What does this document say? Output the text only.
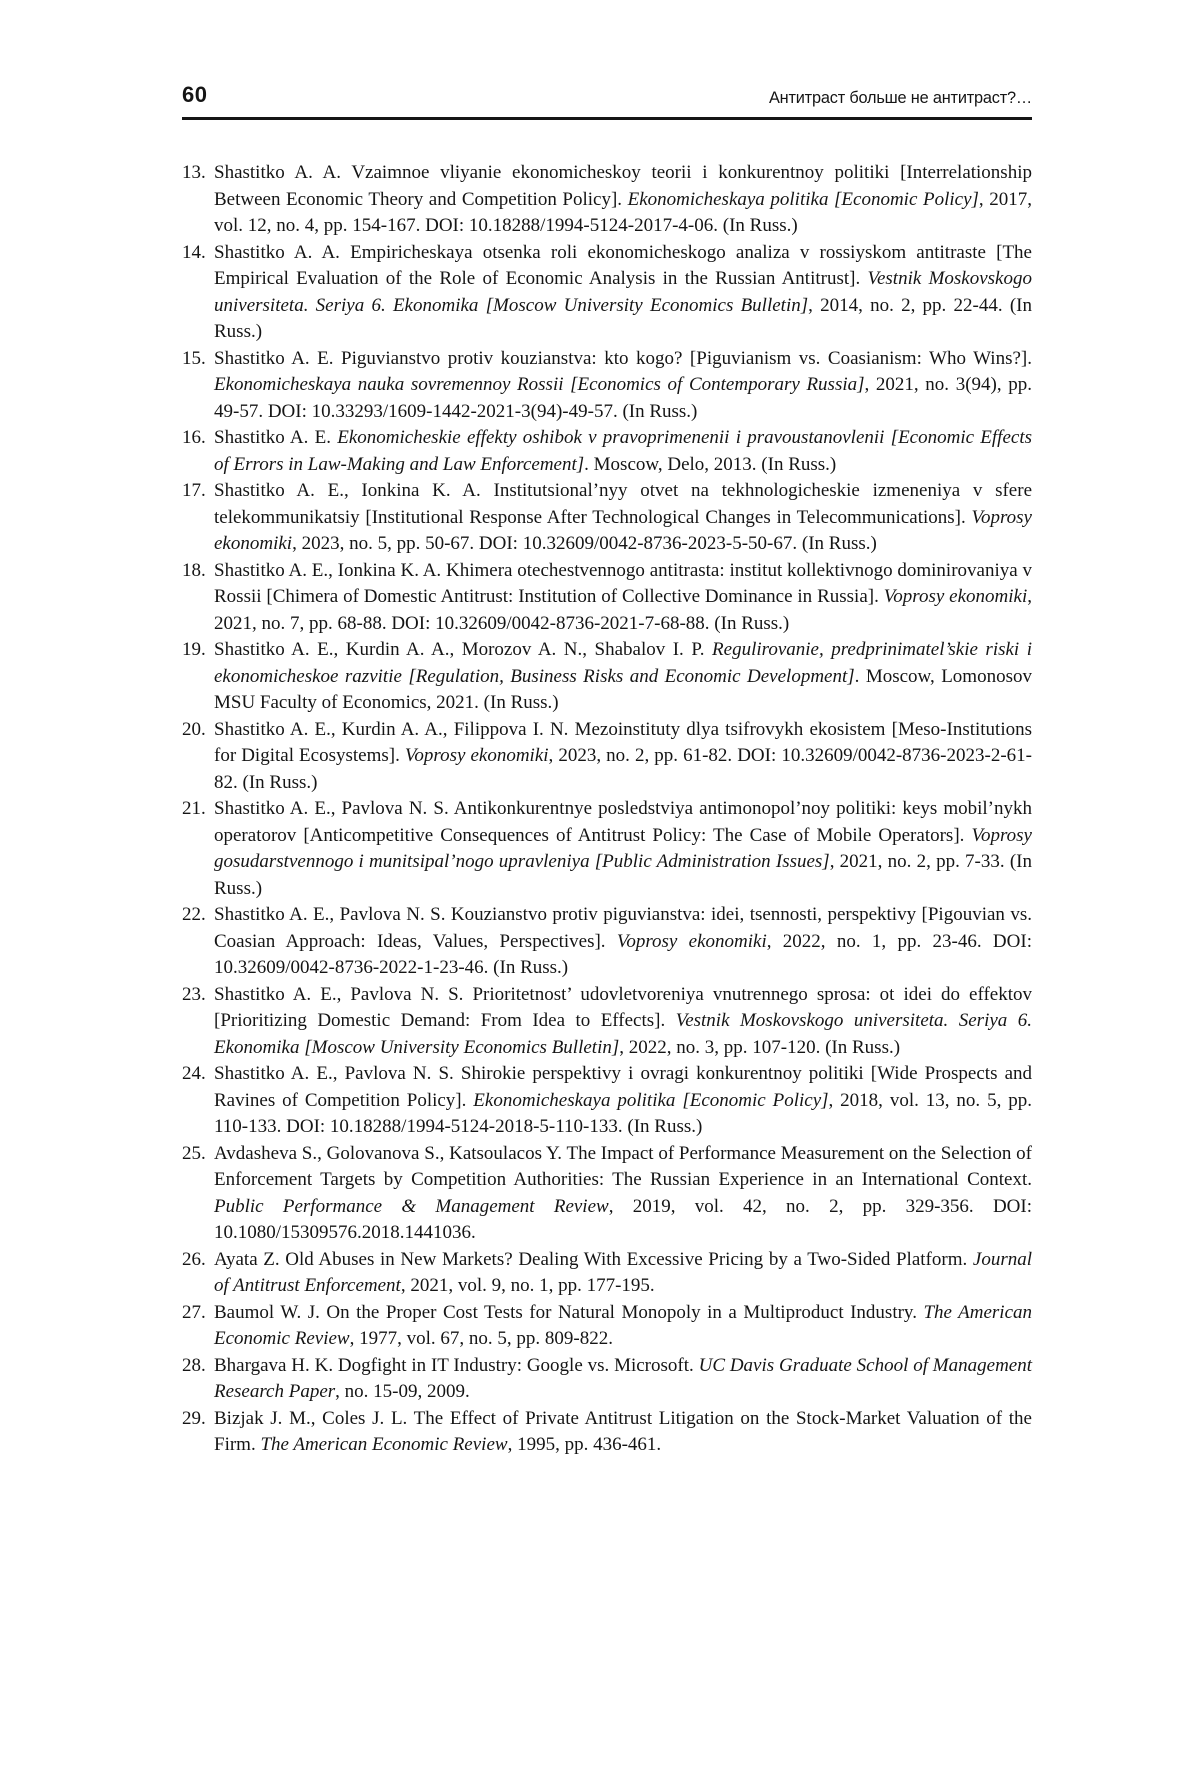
60	Антитраст больше не антитраст?…
13. Shastitko A. A. Vzaimnoe vliyanie ekonomicheskoy teorii i konkurentnoy politiki [Interrelationship Between Economic Theory and Competition Policy]. Ekonomicheskaya politika [Economic Policy], 2017, vol. 12, no. 4, pp. 154-167. DOI: 10.18288/1994-5124-2017-4-06. (In Russ.)
14. Shastitko A. A. Empiricheskaya otsenka roli ekonomicheskogo analiza v rossiyskom antitraste [The Empirical Evaluation of the Role of Economic Analysis in the Russian Antitrust]. Vestnik Moskovskogo universiteta. Seriya 6. Ekonomika [Moscow University Economics Bulletin], 2014, no. 2, pp. 22-44. (In Russ.)
15. Shastitko A. E. Piguvianstvo protiv kouzianstva: kto kogo? [Piguvianism vs. Coasianism: Who Wins?]. Ekonomicheskaya nauka sovremennoy Rossii [Economics of Contemporary Russia], 2021, no. 3(94), pp. 49-57. DOI: 10.33293/1609-1442-2021-3(94)-49-57. (In Russ.)
16. Shastitko A. E. Ekonomicheskie effekty oshibok v pravoprimenenii i pravoustanovlenii [Economic Effects of Errors in Law-Making and Law Enforcement]. Moscow, Delo, 2013. (In Russ.)
17. Shastitko A. E., Ionkina K. A. Institutsional’nyy otvet na tekhnologicheskie izmeneniya v sfere telekommunikatsiy [Institutional Response After Technological Changes in Telecommunications]. Voprosy ekonomiki, 2023, no. 5, pp. 50-67. DOI: 10.32609/0042-8736-2023-5-50-67. (In Russ.)
18. Shastitko A. E., Ionkina K. A. Khimera otechestvennogo antitrasta: institut kollektivnogo dominirovaniya v Rossii [Chimera of Domestic Antitrust: Institution of Collective Dominance in Russia]. Voprosy ekonomiki, 2021, no. 7, pp. 68-88. DOI: 10.32609/0042-8736-2021-7-68-88. (In Russ.)
19. Shastitko A. E., Kurdin A. A., Morozov A. N., Shabalov I. P. Regulirovanie, predprinimatel’skie riski i ekonomicheskoe razvitie [Regulation, Business Risks and Economic Development]. Moscow, Lomonosov MSU Faculty of Economics, 2021. (In Russ.)
20. Shastitko A. E., Kurdin A. A., Filippova I. N. Mezoinstituty dlya tsifrovykh ekosistem [Meso-Institutions for Digital Ecosystems]. Voprosy ekonomiki, 2023, no. 2, pp. 61-82. DOI: 10.32609/0042-8736-2023-2-61-82. (In Russ.)
21. Shastitko A. E., Pavlova N. S. Antikonkurentnye posledstviya antimonopol’noy politiki: keys mobil’nykh operatorov [Anticompetitive Consequences of Antitrust Policy: The Case of Mobile Operators]. Voprosy gosudarstvennogo i munitsipal’nogo upravleniya [Public Administration Issues], 2021, no. 2, pp. 7-33. (In Russ.)
22. Shastitko A. E., Pavlova N. S. Kouzianstvo protiv piguvianstva: idei, tsennosti, perspektivy [Pigouvian vs. Coasian Approach: Ideas, Values, Perspectives]. Voprosy ekonomiki, 2022, no. 1, pp. 23-46. DOI: 10.32609/0042-8736-2022-1-23-46. (In Russ.)
23. Shastitko A. E., Pavlova N. S. Prioritetnost’ udovletvoreniya vnutrennego sprosa: ot idei do effektov [Prioritizing Domestic Demand: From Idea to Effects]. Vestnik Moskovskogo universiteta. Seriya 6. Ekonomika [Moscow University Economics Bulletin], 2022, no. 3, pp. 107-120. (In Russ.)
24. Shastitko A. E., Pavlova N. S. Shirokie perspektivy i ovragi konkurentnoy politiki [Wide Prospects and Ravines of Competition Policy]. Ekonomicheskaya politika [Economic Policy], 2018, vol. 13, no. 5, pp. 110-133. DOI: 10.18288/1994-5124-2018-5-110-133. (In Russ.)
25. Avdasheva S., Golovanova S., Katsoulacos Y. The Impact of Performance Measurement on the Selection of Enforcement Targets by Competition Authorities: The Russian Experience in an International Context. Public Performance & Management Review, 2019, vol. 42, no. 2, pp. 329-356. DOI: 10.1080/15309576.2018.1441036.
26. Ayata Z. Old Abuses in New Markets? Dealing With Excessive Pricing by a Two-Sided Platform. Journal of Antitrust Enforcement, 2021, vol. 9, no. 1, pp. 177-195.
27. Baumol W. J. On the Proper Cost Tests for Natural Monopoly in a Multiproduct Industry. The American Economic Review, 1977, vol. 67, no. 5, pp. 809-822.
28. Bhargava H. K. Dogfight in IT Industry: Google vs. Microsoft. UC Davis Graduate School of Management Research Paper, no. 15-09, 2009.
29. Bizjak J. M., Coles J. L. The Effect of Private Antitrust Litigation on the Stock-Market Valuation of the Firm. The American Economic Review, 1995, pp. 436-461.
